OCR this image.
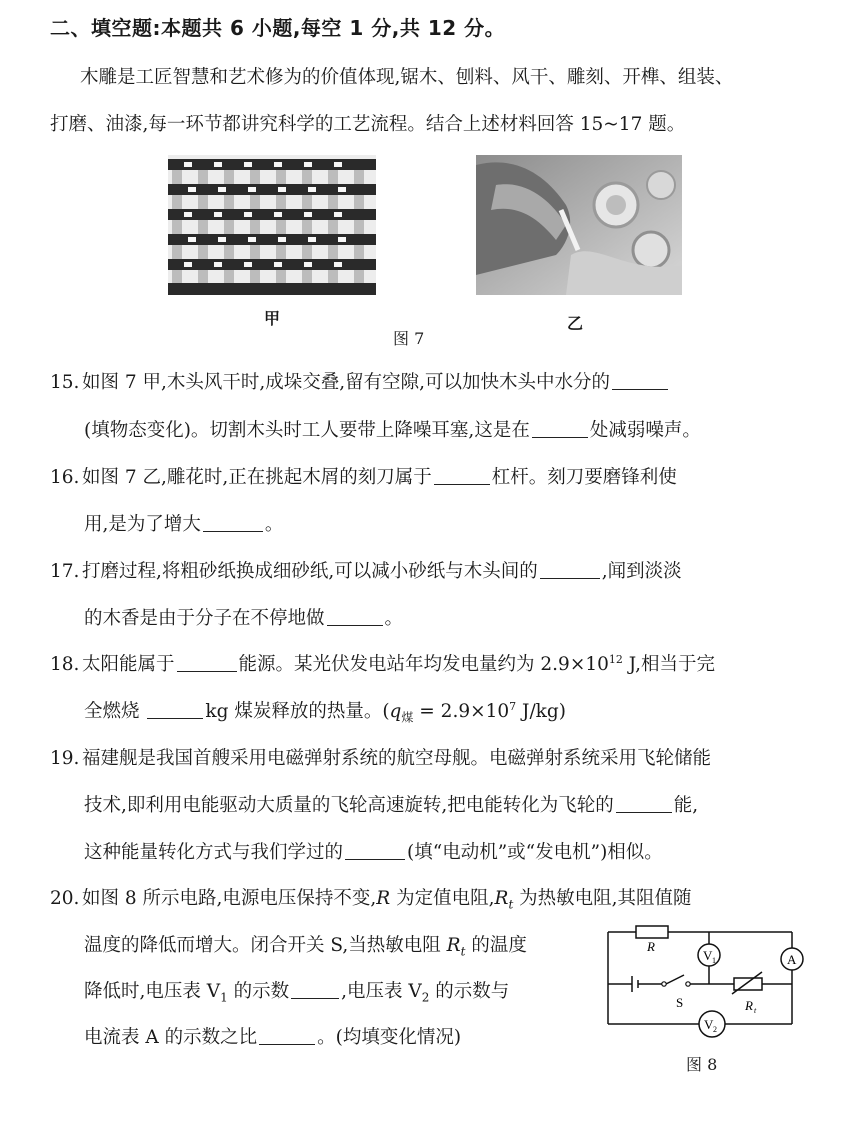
二、填空题:本题共 6 小题,每空 1 分,共 12 分。
木雕是工匠智慧和艺术修为的价值体现,锯木、刨料、风干、雕刻、开榫、组装、
打磨、油漆,每一环节都讲究科学的工艺流程。结合上述材料回答 15~17 题。
甲	乙
图 7
15. 如图 7 甲,木头风干时,成垛交叠,留有空隙,可以加快木头中水分的
(填物态变化)。切割木头时工人要带上降噪耳塞,这是在	处减弱噪声。
16. 如图 7 乙,雕花时,正在挑起木屑的刻刀属于	杠杆。刻刀要磨锋利使
用,是为了增大	。
17. 打磨过程,将粗砂纸换成细砂纸,可以减小砂纸与木头间的	,闻到淡淡
的木香是由于分子在不停地做	。
18. 太阳能属于	能源。某光伏发电站年均发电量约为 $2.9\times 10^{12}$ J,相当于完
全燃烧	kg 煤炭释放的热量。($q_煤 = 2.9\times 10^7$ J/kg)
19. 福建舰是我国首艘采用电磁弹射系统的航空母舰。电磁弹射系统采用飞轮储能
技术,即利用电能驱动大质量的飞轮高速旋转,把电能转化为飞轮的	能,
这种能量转化方式与我们学过的	(填“电动机”或“发电机”)相似。
20. 如图 8 所示电路,电源电压保持不变,R 为定值电阻$,R_t$ 为热敏电阻,其阻值随
温度的降低而增大。闭合开关 S,当热敏电阻 $R_t$ 的温度
降低时,电压表 $V_1$ 的示数	,电压表 $V_2$ 的示数与
电流表 A 的示数之比	。(均填变化情况)
R
V 1	A
S	R t
V 2
图 8
